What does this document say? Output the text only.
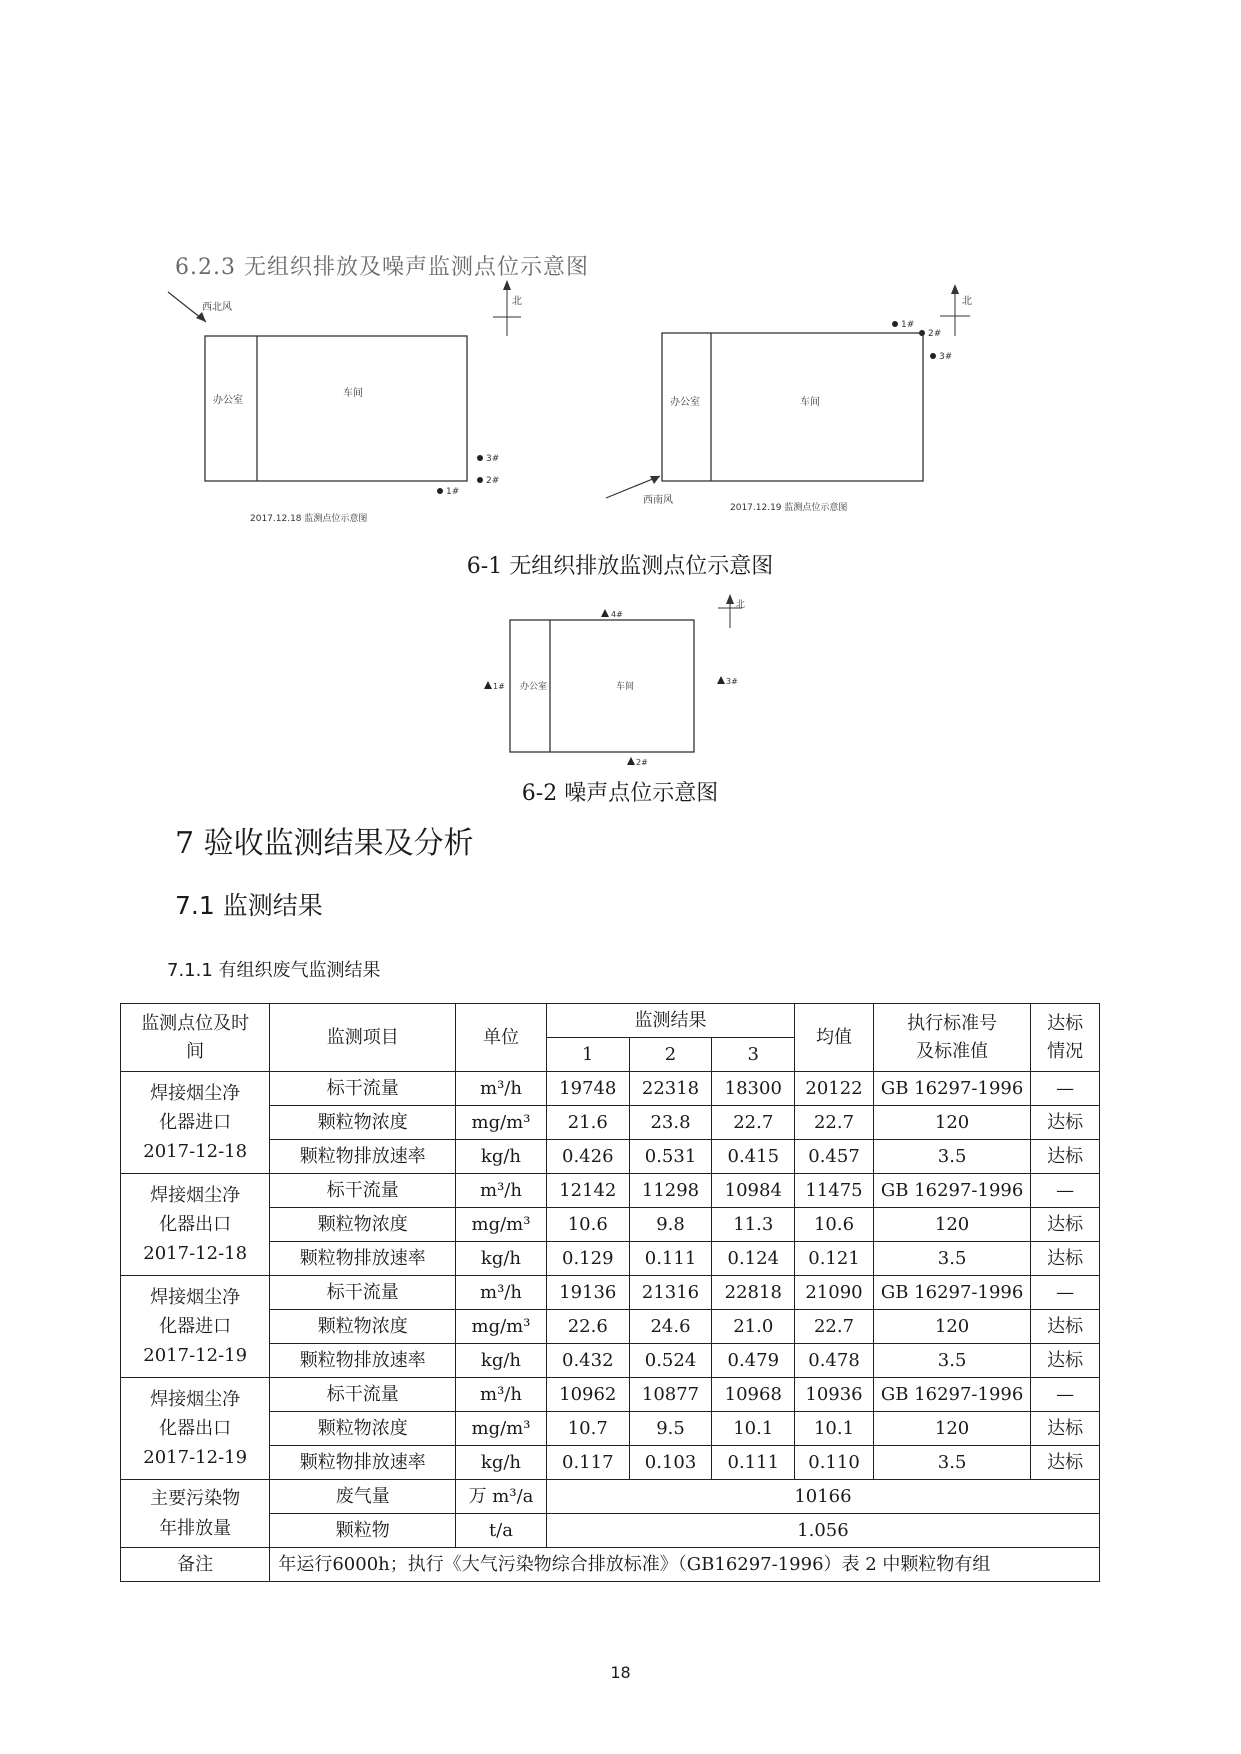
6.2.3 无组织排放及噪声监测点位示意图
西北风
北
办公室
车间
3#
2#
1#
2017.12.18 监测点位示意图
北
1#
2#
3#
办公室	车间
西南风
2017.12.19 监测点位示意图
6-1 无组织排放监测点位示意图
北
4#
1# 办公室	车间
3#
2#
6-2 噪声点位示意图
7 验收监测结果及分析
7.1 监测结果
7.1.1 有组织废气监测结果
监测点位及时间	监测项目	单位	监测结果			均值	执行标准号及标准值	达标情况
			1	2	3			

焊接烟尘净
化器进口
2017-12-18	标干流量	m³/h	19748	22318	18300	20122	GB 16297-1996	—
	颗粒物浓度	mg/m³	21.6	23.8	22.7	22.7	120	达标
	颗粒物排放速率	kg/h	0.426	0.531	0.415	0.457	3.5	达标

焊接烟尘净
化器出口
2017-12-18	标干流量	m³/h	12142	11298	10984	11475	GB 16297-1996	—
	颗粒物浓度	mg/m³	10.6	9.8	11.3	10.6	120	达标
	颗粒物排放速率	kg/h	0.129	0.111	0.124	0.121	3.5	达标

焊接烟尘净
化器进口
2017-12-19	标干流量	m³/h	19136	21316	22818	21090	GB 16297-1996	—
	颗粒物浓度	mg/m³	22.6	24.6	21.0	22.7	120	达标
	颗粒物排放速率	kg/h	0.432	0.524	0.479	0.478	3.5	达标

焊接烟尘净
化器出口
2017-12-19	标干流量	m³/h	10962	10877	10968	10936	GB 16297-1996	—
	颗粒物浓度	mg/m³	10.7	9.5	10.1	10.1	120	达标
	颗粒物排放速率	kg/h	0.117	0.103	0.111	0.110	3.5	达标

主要污染物
年排放量	废气量	万 m³/a	10166					
	颗粒物	t/a	1.056					
备注	年运行6000h；执行《大气污染物综合排放标准》（GB16297-1996）表 2 中颗粒物有组							
18
